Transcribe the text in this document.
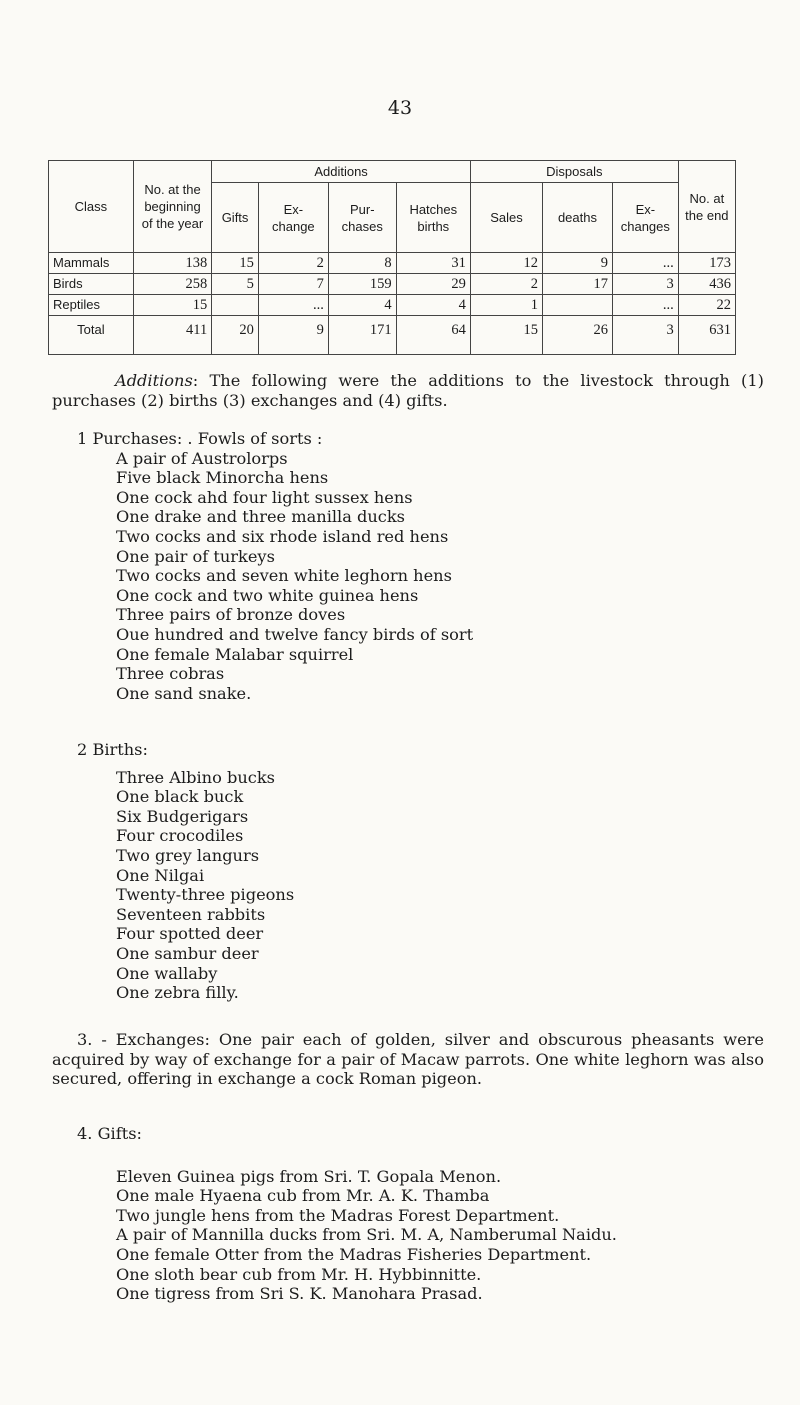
43
Class	No. at the beginning of the year	Additions				Disposals			No. at the end
		Gifts	Ex-change	Pur-chases	Hatches births	Sales	deaths	Ex-changes	
Mammals	138	15	2	8	31	12	9	...	173
Birds	258	5	7	159	29	2	17	3	436
Reptiles	15		...	4	4	1		...	22
Total	411	20	9	171	64	15	26	3	631

Additions: The following were the additions to the livestock through (1) purchases (2) births (3) exchanges and (4) gifts.

1 Purchases: . Fowls of sorts :
A pair of Austrolorps
Five black Minorcha hens
One cock ahd four light sussex hens
One drake and three manilla ducks
Two cocks and six rhode island red hens
One pair of turkeys
Two cocks and seven white leghorn hens
One cock and two white guinea hens
Three pairs of bronze doves
Oue hundred and twelve fancy birds of sort
One female Malabar squirrel
Three cobras
One sand snake.
2 Births:
Three Albino bucks
One black buck
Six Budgerigars
Four crocodiles
Two grey langurs
One Nilgai
Twenty-three pigeons
Seventeen rabbits
Four spotted deer
One sambur deer
One wallaby
One zebra filly.

3. - Exchanges: One pair each of golden, silver and obscurous pheasants were acquired by way of exchange for a pair of Macaw parrots. One white leghorn was also secured, offering in exchange a cock Roman pigeon.

4. Gifts:
Eleven Guinea pigs from Sri. T. Gopala Menon.
One male Hyaena cub from Mr. A. K. Thamba
Two jungle hens from the Madras Forest Department.
A pair of Mannilla ducks from Sri. M. A, Namberumal Naidu.
One female Otter from the Madras Fisheries Department.
One sloth bear cub from Mr. H. Hybbinnitte.
One tigress from Sri S. K. Manohara Prasad.
